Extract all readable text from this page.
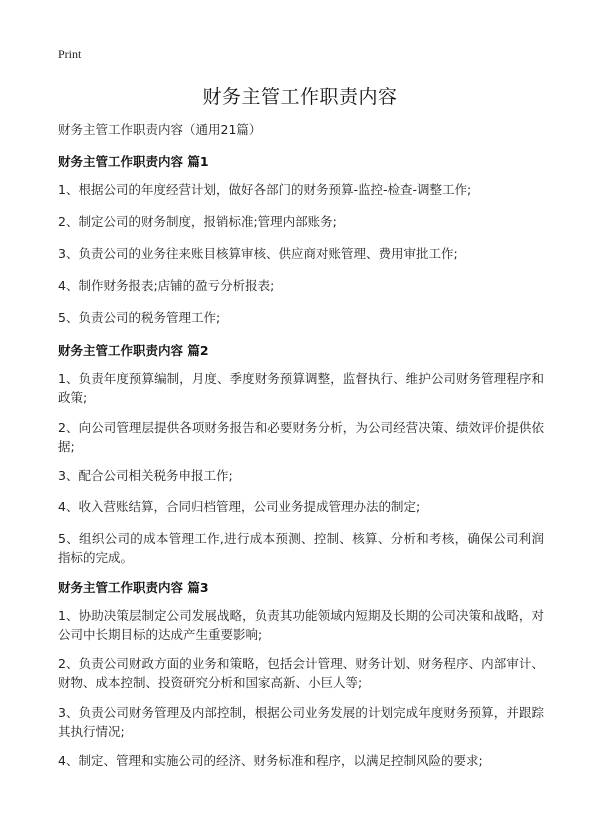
Print
财务主管工作职责内容
财务主管工作职责内容（通用21篇）
财务主管工作职责内容 篇1
1、根据公司的年度经营计划，做好各部门的财务预算-监控-检查-调整工作;
2、制定公司的财务制度，报销标准;管理内部账务;
3、负责公司的业务往来账目核算审核、供应商对账管理、费用审批工作;
4、制作财务报表;店铺的盈亏分析报表;
5、负责公司的税务管理工作;
财务主管工作职责内容 篇2
1、负责年度预算编制，月度、季度财务预算调整，监督执行、维护公司财务管理程序和政策;
2、向公司管理层提供各项财务报告和必要财务分析，为公司经营决策、绩效评价提供依据;
3、配合公司相关税务申报工作;
4、收入营账结算，合同归档管理，公司业务提成管理办法的制定;
5、组织公司的成本管理工作,进行成本预测、控制、核算、分析和考核，确保公司利润指标的完成。
财务主管工作职责内容 篇3
1、协助决策层制定公司发展战略，负责其功能领域内短期及长期的公司决策和战略，对公司中长期目标的达成产生重要影响;
2、负责公司财政方面的业务和策略，包括会计管理、财务计划、财务程序、内部审计、财物、成本控制、投资研究分析和国家高新、小巨人等;
3、负责公司财务管理及内部控制，根据公司业务发展的计划完成年度财务预算，并跟踪其执行情况;
4、制定、管理和实施公司的经济、财务标准和程序，以满足控制风险的要求;
